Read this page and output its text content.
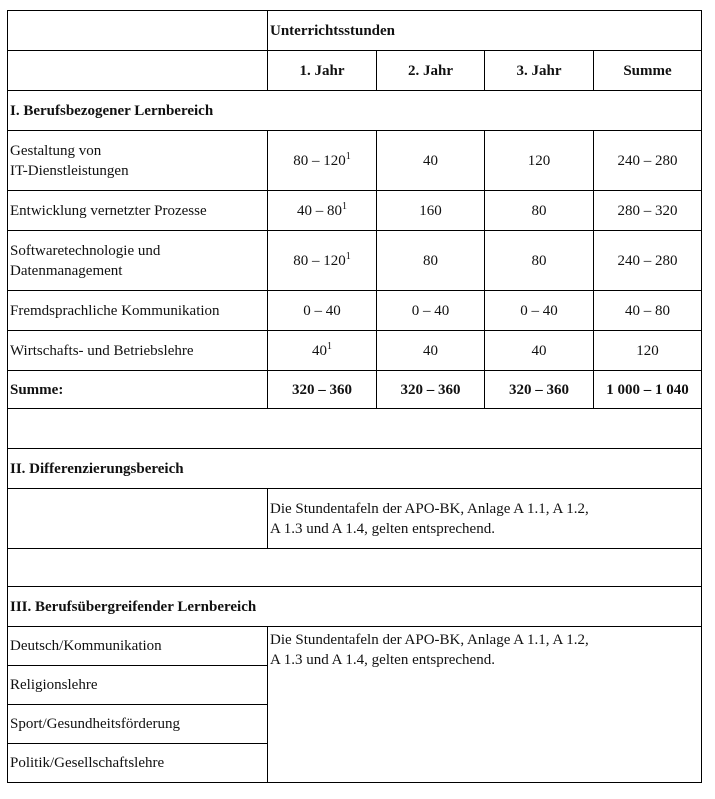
	Unterrichtsstunden			
	1. Jahr	2. Jahr	3. Jahr	Summe
I. Berufsbezogener Lernbereich				
Gestaltung von
IT-Dienstleistungen	$80 - 120^1$	40	120	240 – 280
Entwicklung vernetzter Prozesse	$40 - 80^1$	160	80	280 – 320
Softwaretechnologie und
Datenmanagement	$80 - 120^1$	80	80	240 – 280
Fremdsprachliche Kommunikation	0 – 40	0 – 40	0 – 40	40 – 80
Wirtschafts- und Betriebslehre	$40^1$	40	40	120
Summe:	320 – 360	320 – 360	320 – 360	1 000 – 1 040

II. Differenzierungsbereich				
	Die Stundentafeln der APO-BK, Anlage A 1.1, A 1.2,
A 1.3 und A 1.4, gelten entsprechend.			

III. Berufsübergreifender Lernbereich				
Deutsch/Kommunikation	Die Stundentafeln der APO-BK, Anlage A 1.1, A 1.2,
A 1.3 und A 1.4, gelten entsprechend.			
Religionslehre				
Sport/Gesundheitsförderung				
Politik/Gesellschaftslehre				
